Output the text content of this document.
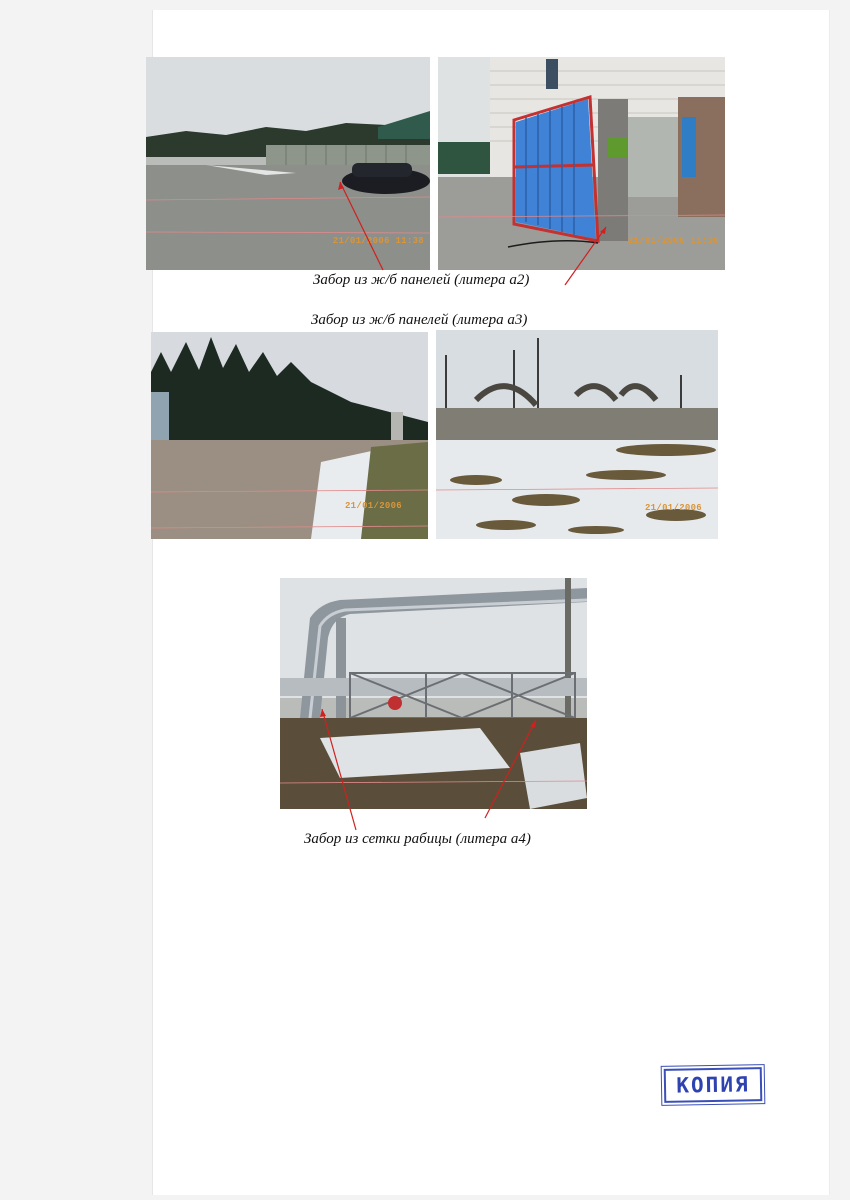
21/01/2006 11:38	21/01/2006 11:38
Забор из ж/б панелей (литера а2)
Забор из ж/б панелей (литера а3)
21/01/2006	21/01/2006
Забор из сетки рабицы (литера а4)
КОПИЯ
